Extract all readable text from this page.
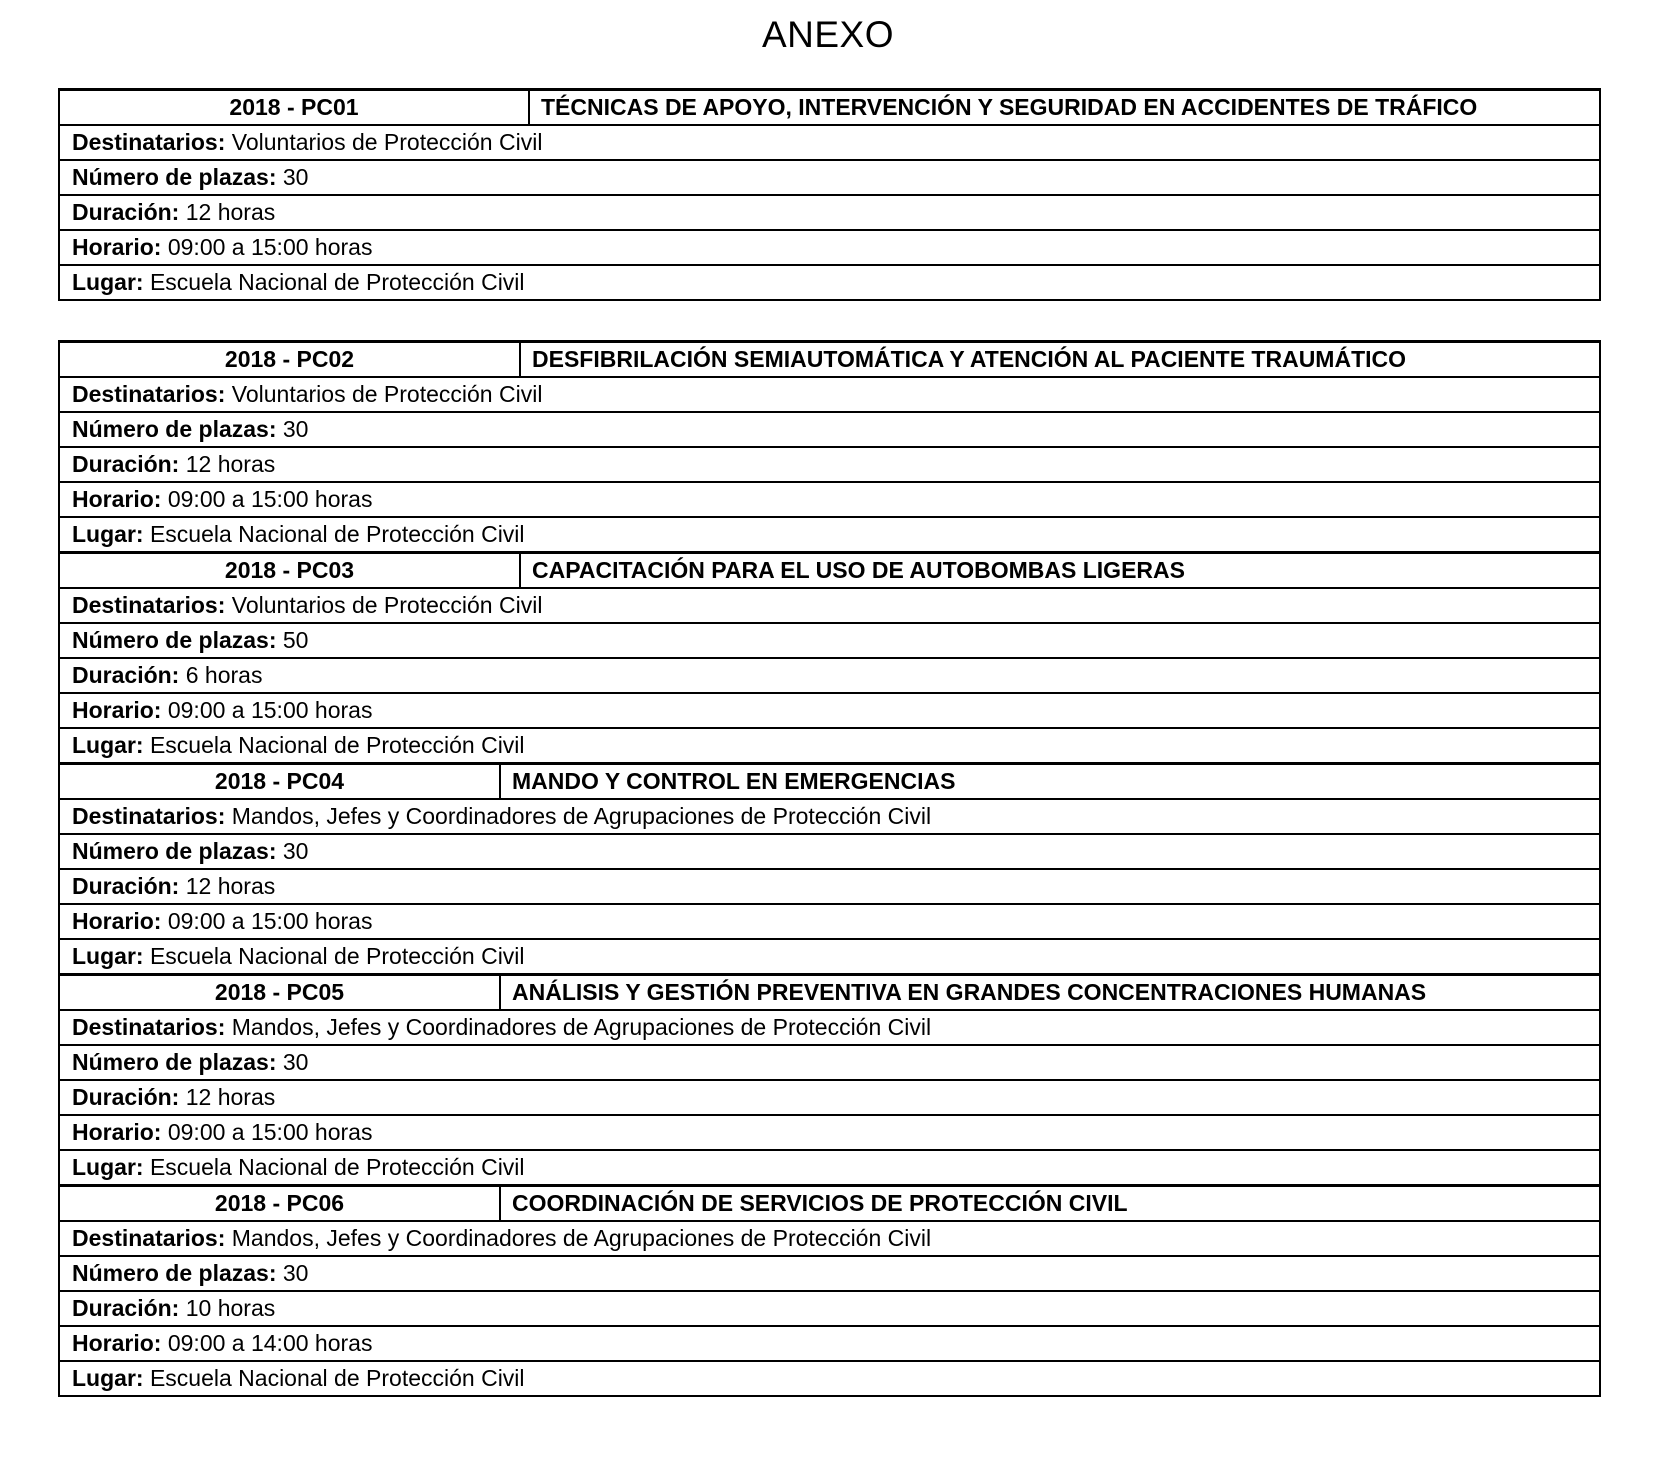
ANEXO
2018 - PC01	TÉCNICAS DE APOYO, INTERVENCIÓN Y SEGURIDAD EN ACCIDENTES DE TRÁFICO

Destinatarios: Voluntarios de Protección Civil
Número de plazas: 30
Duración: 12 horas
Horario: 09:00 a 15:00 horas
Lugar: Escuela Nacional de Protección Civil
2018 - PC02	DESFIBRILACIÓN SEMIAUTOMÁTICA Y ATENCIÓN AL PACIENTE TRAUMÁTICO

Destinatarios: Voluntarios de Protección Civil
Número de plazas: 30
Duración: 12 horas
Horario: 09:00 a 15:00 horas
Lugar: Escuela Nacional de Protección Civil

2018 - PC03	CAPACITACIÓN PARA EL USO DE AUTOBOMBAS LIGERAS

Destinatarios: Voluntarios de Protección Civil
Número de plazas: 50
Duración: 6 horas
Horario: 09:00 a 15:00 horas
Lugar: Escuela Nacional de Protección Civil

2018 - PC04	MANDO Y CONTROL EN EMERGENCIAS

Destinatarios: Mandos, Jefes y Coordinadores de Agrupaciones de Protección Civil
Número de plazas: 30
Duración: 12 horas
Horario: 09:00 a 15:00 horas
Lugar: Escuela Nacional de Protección Civil

2018 - PC05	ANÁLISIS Y GESTIÓN PREVENTIVA EN GRANDES CONCENTRACIONES HUMANAS

Destinatarios: Mandos, Jefes y Coordinadores de Agrupaciones de Protección Civil
Número de plazas: 30
Duración: 12 horas
Horario: 09:00 a 15:00 horas
Lugar: Escuela Nacional de Protección Civil

2018 - PC06	COORDINACIÓN DE SERVICIOS DE PROTECCIÓN CIVIL

Destinatarios: Mandos, Jefes y Coordinadores de Agrupaciones de Protección Civil
Número de plazas: 30
Duración: 10 horas
Horario: 09:00 a 14:00 horas
Lugar: Escuela Nacional de Protección Civil
